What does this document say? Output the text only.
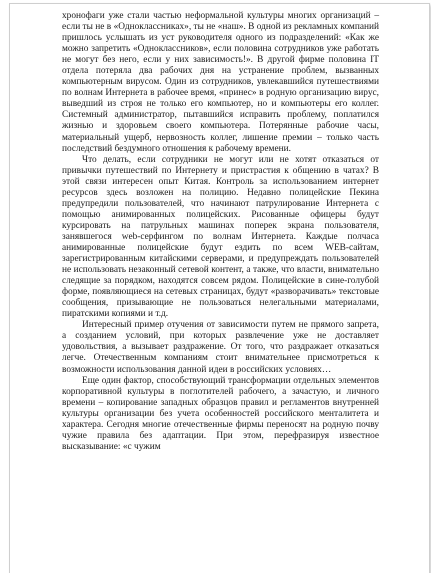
хронофаги уже стали частью неформальной культуры многих организаций – если ты не в «Одноклассниках», ты не «наш». В одной из рекламных компаний пришлось услышать из уст руководителя одного из подразделений: «Как же можно запретить «Одноклассников», если половина сотрудников уже работать не могут без него, если у них зависимость!». В другой фирме половина IT отдела потеряла два рабочих дня на устранение проблем, вызванных компьютерным вирусом. Один из сотрудников, увлекавшийся путешествиями по волнам Интернета в рабочее время, «принес» в родную организацию вирус, выведший из строя не только его компьютер, но и компьютеры его коллег. Системный администратор, пытавшийся исправить проблему, поплатился жизнью и здоровьем своего компьютера. Потерянные рабочие часы, материальный ущерб, нервозность коллег, лишение премии – только часть последствий бездумного отношения к рабочему времени.

Что делать, если сотрудники не могут или не хотят отказаться от привычки путешествий по Интернету и пристрастия к общению в чатах? В этой связи интересен опыт Китая. Контроль за использованием интернет ресурсов здесь возложен на полицию. Недавно полицейские Пекина предупредили пользователей, что начинают патрулирование Интернета с помощью анимированных полицейских. Рисованные офицеры будут курсировать на патрульных машинах поперек экрана пользователя, занявшегося web-серфингом по волнам Интернета. Каждые полчаса анимированные полицейские будут ездить по всем WEB-сайтам, зарегистрированным китайскими серверами, и предупреждать пользователей не использовать незаконный сетевой контент, а также, что власти, внимательно следящие за порядком, находятся совсем рядом. Полицейские в сине-голубой форме, появляющиеся на сетевых страницах, будут «разворачивать» текстовые сообщения, призывающие не пользоваться нелегальными материалами, пиратскими копиями и т.д.

Интересный пример отучения от зависимости путем не прямого запрета, а созданием условий, при которых развлечение уже не доставляет удовольствия, а вызывает раздражение. От того, что раздражает отказаться легче. Отечественным компаниям стоит внимательнее присмотреться к возможности использования данной идеи в российских условиях…

Еще один фактор, способствующий трансформации отдельных элементов корпоративной культуры в поглотителей рабочего, а зачастую, и личного времени – копирование западных образцов правил и регламентов внутренней культуры организации без учета особенностей российского менталитета и характера. Сегодня многие отечественные фирмы переносят на родную почву чужие правила без адаптации. При этом, перефразируя известное высказывание: «с чужим
